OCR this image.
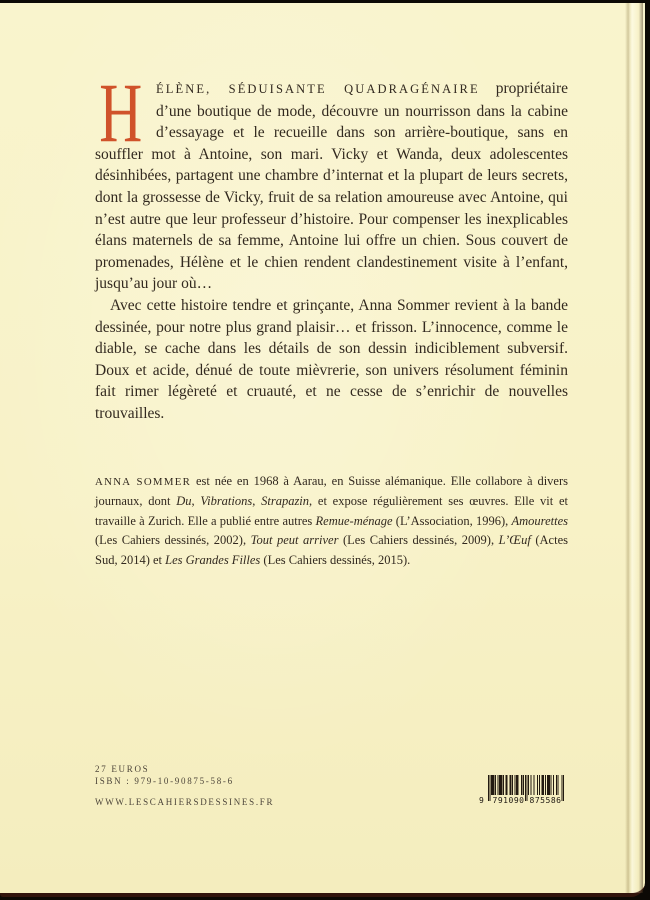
H ÉLÈNE, SÉDUISANTE QUADRAGÉNAIRE propriétaire d’une boutique de mode, découvre un nourrisson dans la cabine d’essayage et le recueille dans son arrière-boutique, sans en souffler mot à Antoine, son mari. Vicky et Wanda, deux adolescentes désinhibées, partagent une chambre d’internat et la plupart de leurs secrets, dont la grossesse de Vicky, fruit de sa relation amoureuse avec Antoine, qui n’est autre que leur professeur d’histoire. Pour compenser les inexplicables élans maternels de sa femme, Antoine lui offre un chien. Sous couvert de promenades, Hélène et le chien rendent clandestinement visite à l’enfant, jusqu’au jour où…

Avec cette histoire tendre et grinçante, Anna Sommer revient à la bande dessinée, pour notre plus grand plaisir… et frisson. L’innocence, comme le diable, se cache dans les détails de son dessin indiciblement subversif. Doux et acide, dénué de toute mièvrerie, son univers résolument féminin fait rimer légèreté et cruauté, et ne cesse de s’enrichir de nouvelles trouvailles.

ANNA SOMMER est née en 1968 à Aarau, en Suisse alémanique. Elle collabore à divers journaux, dont Du, Vibrations, Strapazin, et expose régulièrement ses œuvres. Elle vit et travaille à Zurich. Elle a publié entre autres Remue-ménage (L’Association, 1996), Amourettes (Les Cahiers dessinés, 2002), Tout peut arriver (Les Cahiers dessinés, 2009), L’Œuf (Actes Sud, 2014) et Les Grandes Filles (Les Cahiers dessinés, 2015).

27 EUROS
ISBN : 979-10-90875-58-6
WWW.LESCAHIERSDESSINES.FR	9 791090 875586
